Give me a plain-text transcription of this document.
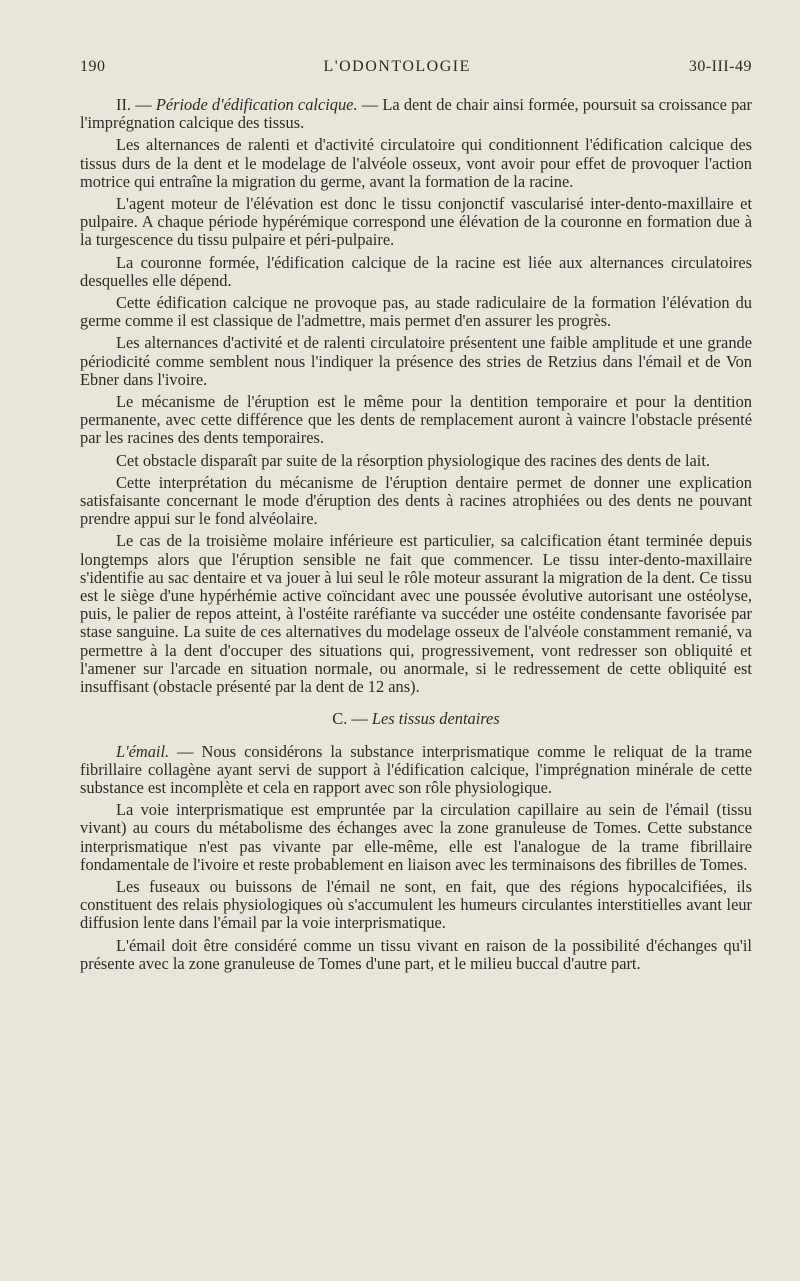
190	L'ODONTOLOGIE	30-III-49

II. — Période d'édification calcique. — La dent de chair ainsi formée, poursuit sa croissance par l'imprégnation calcique des tissus.

Les alternances de ralenti et d'activité circulatoire qui conditionnent l'édification calcique des tissus durs de la dent et le modelage de l'alvéole osseux, vont avoir pour effet de provoquer l'action motrice qui entraîne la migration du germe, avant la formation de la racine.

L'agent moteur de l'élévation est donc le tissu conjonctif vascularisé inter-dento-maxillaire et pulpaire. A chaque période hypérémique correspond une élévation de la couronne en formation due à la turgescence du tissu pulpaire et péri-pulpaire.

La couronne formée, l'édification calcique de la racine est liée aux alternances circulatoires desquelles elle dépend.

Cette édification calcique ne provoque pas, au stade radiculaire de la formation l'élévation du germe comme il est classique de l'admettre, mais permet d'en assurer les progrès.

Les alternances d'activité et de ralenti circulatoire présentent une faible amplitude et une grande périodicité comme semblent nous l'indiquer la présence des stries de Retzius dans l'émail et de Von Ebner dans l'ivoire.

Le mécanisme de l'éruption est le même pour la dentition temporaire et pour la dentition permanente, avec cette différence que les dents de remplacement auront à vaincre l'obstacle présenté par les racines des dents temporaires.

Cet obstacle disparaît par suite de la résorption physiologique des racines des dents de lait.

Cette interprétation du mécanisme de l'éruption dentaire permet de donner une explication satisfaisante concernant le mode d'éruption des dents à racines atrophiées ou des dents ne pouvant prendre appui sur le fond alvéolaire.

Le cas de la troisième molaire inférieure est particulier, sa calcification étant terminée depuis longtemps alors que l'éruption sensible ne fait que commencer. Le tissu inter-dento-maxillaire s'identifie au sac dentaire et va jouer à lui seul le rôle moteur assurant la migration de la dent. Ce tissu est le siège d'une hypérhémie active coïncidant avec une poussée évolutive autorisant une ostéolyse, puis, le palier de repos atteint, à l'ostéite raréfiante va succéder une ostéite condensante favorisée par stase sanguine. La suite de ces alternatives du modelage osseux de l'alvéole constamment remanié, va permettre à la dent d'occuper des situations qui, progressivement, vont redresser son obliquité et l'amener sur l'arcade en situation normale, ou anormale, si le redressement de cette obliquité est insuffisant (obstacle présenté par la dent de 12 ans).

C. — Les tissus dentaires

L'émail. — Nous considérons la substance interprismatique comme le reliquat de la trame fibrillaire collagène ayant servi de support à l'édification calcique, l'imprégnation minérale de cette substance est incomplète et cela en rapport avec son rôle physiologique.

La voie interprismatique est empruntée par la circulation capillaire au sein de l'émail (tissu vivant) au cours du métabolisme des échanges avec la zone granuleuse de Tomes. Cette substance interprismatique n'est pas vivante par elle-même, elle est l'analogue de la trame fibrillaire fondamentale de l'ivoire et reste probablement en liaison avec les terminaisons des fibrilles de Tomes.

Les fuseaux ou buissons de l'émail ne sont, en fait, que des régions hypocalcifiées, ils constituent des relais physiologiques où s'accumulent les humeurs circulantes interstitielles avant leur diffusion lente dans l'émail par la voie interprismatique.

L'émail doit être considéré comme un tissu vivant en raison de la possibilité d'échanges qu'il présente avec la zone granuleuse de Tomes d'une part, et le milieu buccal d'autre part.
